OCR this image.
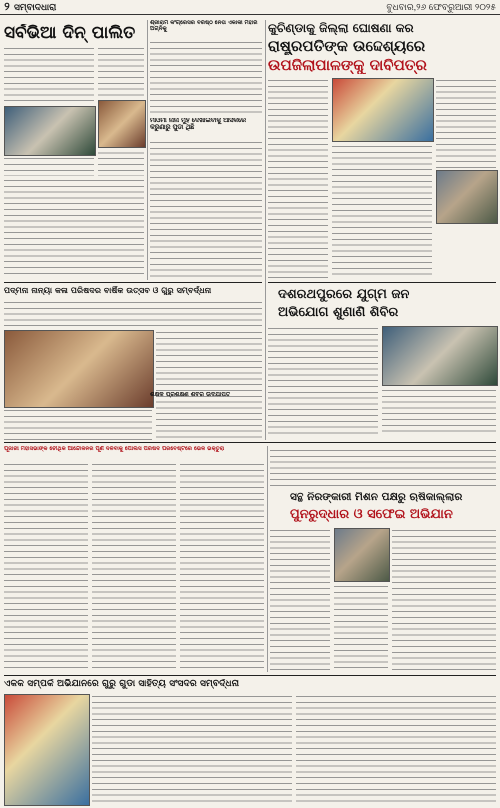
୨ ସମ୍ବାଦଧାରା	ବୁଧବାର,୨୬ ଫେବ୍ରୁଆରୀ ୨୦୨୫
ସର୍ବଭିଆ ଦିନ୍ ପାଲିତ	ଶ୍ରୀରାମ କଂଗ୍ରେସର ବରିଷ୍ଠ ନେତା ଏକାକୀ ମହାରି ଅଗ୍ନିକୁ
ମାଓିମା ନାନା ମୁହଁ ଦେଖାଇବାକୁ ଆସିକରେ କରୁଣାରୁ ପୁଡା ଥିଛି
କୁଚିଣ୍ଡାକୁ ଜିଲ୍ଲା ଘୋଷଣା କର
ରାଷ୍ଟ୍ରପତିଙ୍କ ଉଦ୍ଦେଶ୍ୟରେ
ଉପଜିଲାପାଳଙ୍କୁ ଦାବିପତ୍ର
ପଦ୍ମନା ନାନ୍ୟା କଳା ପରିଷଦର ବାର୍ଷିକ ଉତ୍ସବ ଓ ଗୁରୁ ସମ୍ବର୍ଦ୍ଧନା	ଦଶରଥପୁରରେ ଯୁଗ୍ମ ଜନ
ଅଭିଯୋଗ ଶୁଣାଣି ଶିବିର
ଶିକ୍ଷକ ପ୍ରଶିକ୍ଷଣ ଶିବିର ଉଦଯାପିତ
ପୂଜାରୀ ମହାସଭାଙ୍କ ଚୌଥିକ ଆନ୍ଦୋଳନର ପୂର୍ଣ ଦଳିବାକୁ ପୋଲିସ ପରିଷଦ ପରବେଷ୍ଟରେ ଭେଳ ଭକ୍ତୁରା
ସନ୍ଥ ନିରଙ୍କାରୀ ମିଶନ ପକ୍ଷରୁ ଋଷିକାଲ୍ଲାର
ପୁନରୁଦ୍ଧାର ଓ ସଫେଇ ଅଭିଯାନ
ଏକକ ସମ୍ପର୍କ ଅଭିଯାନରେ ଗୁରୁ ଗୁଡା ସାହିତ୍ୟ ସଂସଦର ସମ୍ବର୍ଦ୍ଧନା
